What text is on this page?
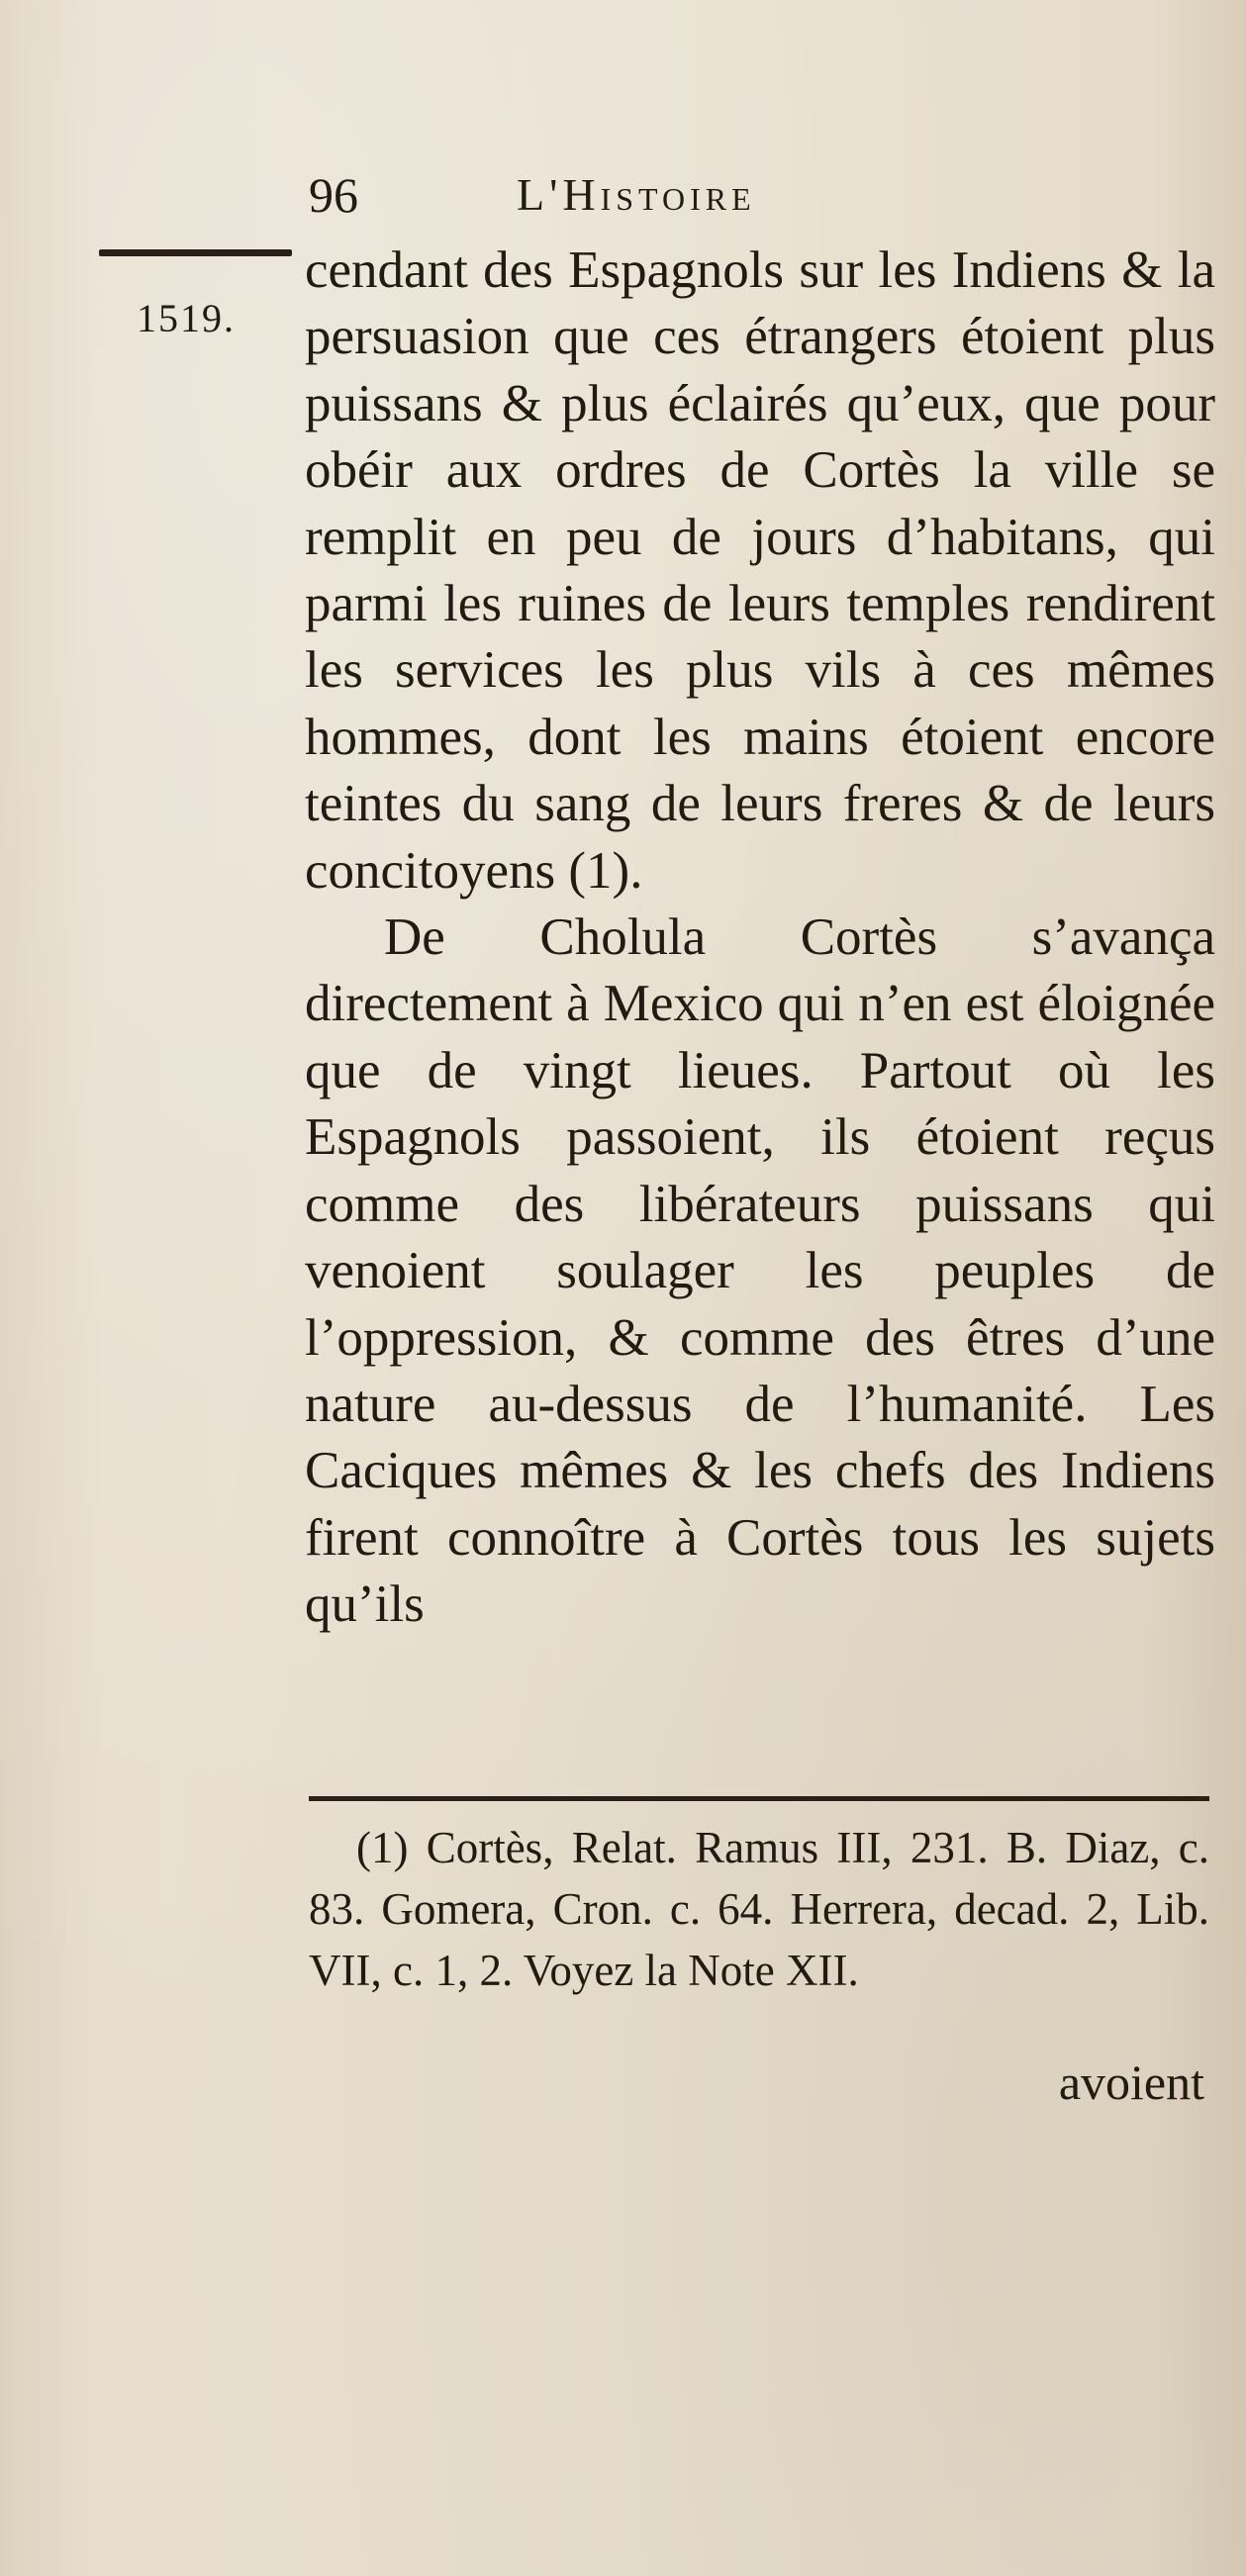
96	L'Histoire
1519.

cendant des Espagnols sur les Indiens & la persuasion que ces étrangers étoient plus puissans & plus éclairés qu’eux, que pour obéir aux ordres de Cortès la ville se remplit en peu de jours d’habitans, qui parmi les ruines de leurs temples rendirent les services les plus vils à ces mêmes hommes, dont les mains étoient encore teintes du sang de leurs freres & de leurs concitoyens (1).

De Cholula Cortès s’avança directement à Mexico qui n’en est éloignée que de vingt lieues. Partout où les Espagnols passoient, ils étoient reçus comme des libérateurs puissans qui venoient soulager les peuples de l’oppression, & comme des êtres d’une nature au-dessus de l’humanité. Les Caciques mêmes & les chefs des Indiens firent connoître à Cortès tous les sujets qu’ils

(1) Cortès, Relat. Ramus III, 231. B. Diaz, c. 83. Gomera, Cron. c. 64. Herrera, decad. 2, Lib. VII, c. 1, 2. Voyez la Note XII.
avoient
